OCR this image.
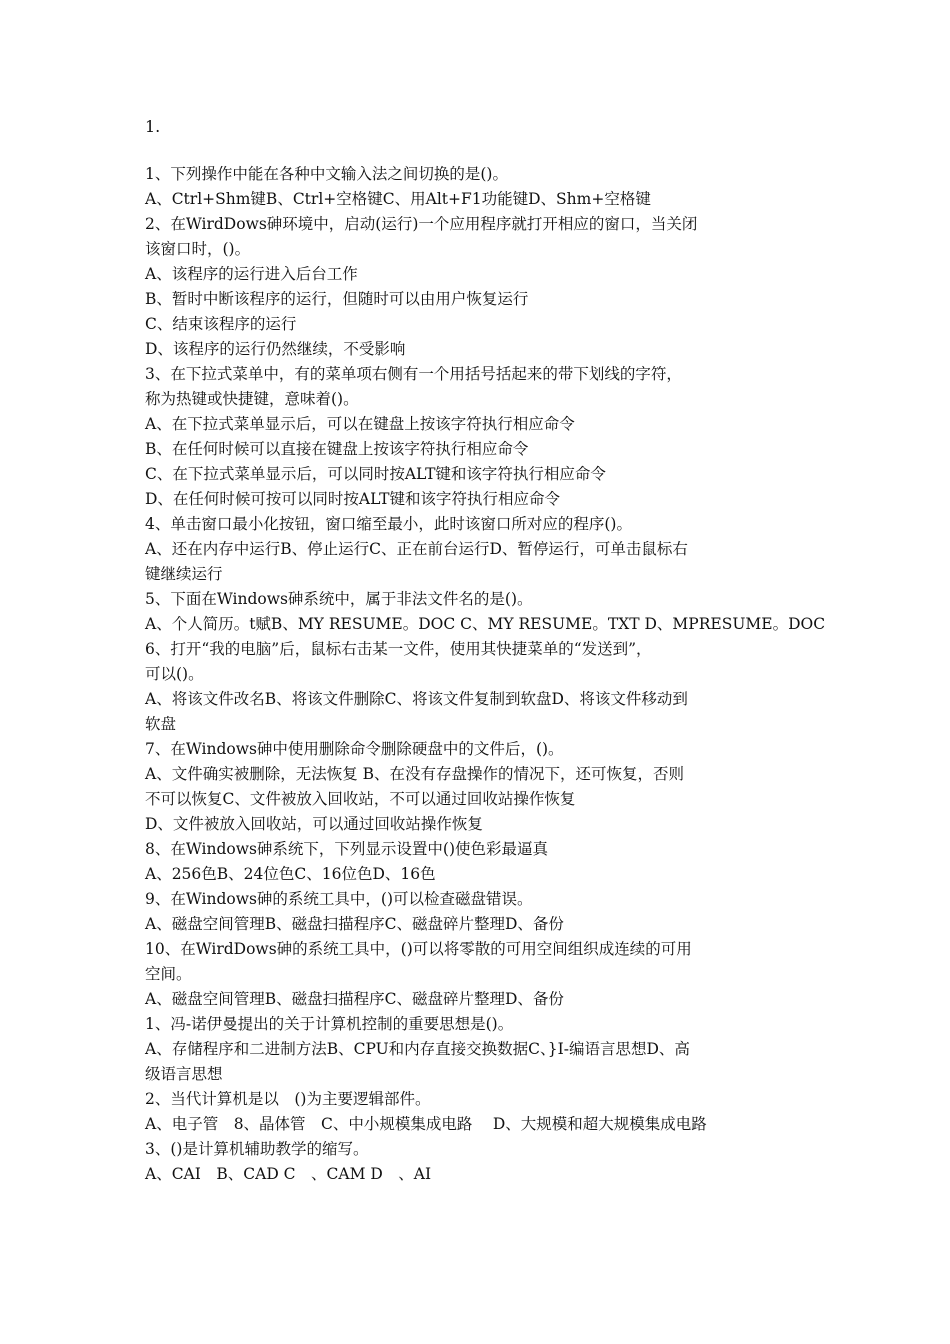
1.
1、下列操作中能在各种中文输入法之间切换的是()。
A、Ctrl+Shm键B、Ctrl+空格键C、用Alt+F1功能键D、Shm+空格键
2、在WirdDows砷环境中，启动(运行)一个应用程序就打开相应的窗口，当关闭
该窗口时，()。
A、该程序的运行进入后台工作
B、暂时中断该程序的运行，但随时可以由用户恢复运行
C、结束该程序的运行
D、该程序的运行仍然继续，不受影响
3、在下拉式菜单中，有的菜单项右侧有一个用括号括起来的带下划线的字符，
称为热键或快捷键，意味着()。
A、在下拉式菜单显示后，可以在键盘上按该字符执行相应命令
B、在任何时候可以直接在键盘上按该字符执行相应命令
C、在下拉式菜单显示后，可以同时按ALT键和该字符执行相应命令
D、在任何时候可按可以同时按ALT键和该字符执行相应命令
4、单击窗口最小化按钮，窗口缩至最小，此时该窗口所对应的程序()。
A、还在内存中运行B、停止运行C、正在前台运行D、暂停运行，可单击鼠标右
键继续运行
5、下面在Windows砷系统中，属于非法文件名的是()。
A、个人简历。t赋B、MY RESUME。DOC C、MY RESUME。TXT D、MPRESUME。DOC
6、打开“我的电脑”后，鼠标右击某一文件，使用其快捷菜单的“发送到”，
可以()。
A、将该文件改名B、将该文件删除C、将该文件复制到软盘D、将该文件移动到
软盘
7、在Windows砷中使用删除命令删除硬盘中的文件后，()。
A、文件确实被删除，无法恢复 B、在没有存盘操作的情况下，还可恢复，否则
不可以恢复C、文件被放入回收站，不可以通过回收站操作恢复
D、文件被放入回收站，可以通过回收站操作恢复
8、在Windows砷系统下，下列显示设置中()使色彩最逼真
A、256色B、24位色C、16位色D、16色
9、在Windows砷的系统工具中，()可以检查磁盘错误。
A、磁盘空间管理B、磁盘扫描程序C、磁盘碎片整理D、备份
10、在WirdDows砷的系统工具中，()可以将零散的可用空间组织成连续的可用
空间。
A、磁盘空间管理B、磁盘扫描程序C、磁盘碎片整理D、备份
1、冯-诺伊曼提出的关于计算机控制的重要思想是()。
A、存储程序和二进制方法B、CPU和内存直接交换数据C、}I-编语言思想D、高
级语言思想
2、当代计算机是以　()为主要逻辑部件。
A、电子管　8、晶体管　C、中小规模集成电路　 D、大规模和超大规模集成电路
3、()是计算机辅助教学的缩写。
A、CAI　B、CAD C　、CAM D　、AI
